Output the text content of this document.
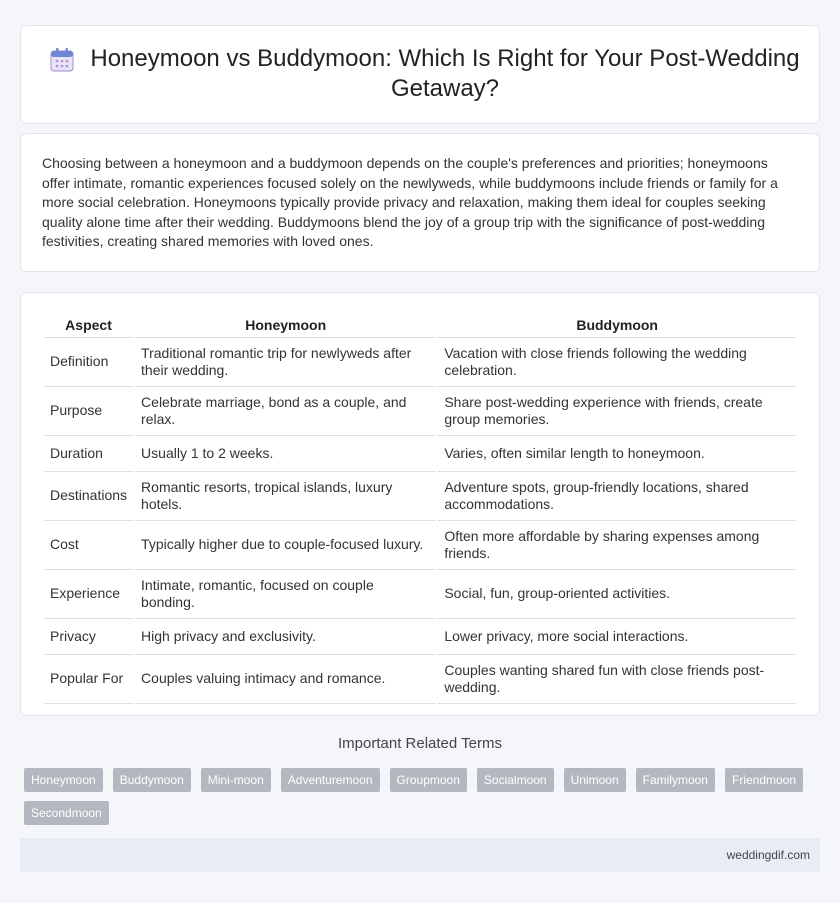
Honeymoon vs Buddymoon: Which Is Right for Your Post-Wedding Getaway?

Choosing between a honeymoon and a buddymoon depends on the couple's preferences and priorities; honeymoons offer intimate, romantic experiences focused solely on the newlyweds, while buddymoons include friends or family for a more social celebration. Honeymoons typically provide privacy and relaxation, making them ideal for couples seeking quality alone time after their wedding. Buddymoons blend the joy of a group trip with the significance of post-wedding festivities, creating shared memories with loved ones.

Aspect	Honeymoon	Buddymoon
Definition	Traditional romantic trip for newlyweds after their wedding.	Vacation with close friends following the wedding celebration.
Purpose	Celebrate marriage, bond as a couple, and relax.	Share post-wedding experience with friends, create group memories.
Duration	Usually 1 to 2 weeks.	Varies, often similar length to honeymoon.
Destinations	Romantic resorts, tropical islands, luxury hotels.	Adventure spots, group-friendly locations, shared accommodations.
Cost	Typically higher due to couple-focused luxury.	Often more affordable by sharing expenses among friends.
Experience	Intimate, romantic, focused on couple bonding.	Social, fun, group-oriented activities.
Privacy	High privacy and exclusivity.	Lower privacy, more social interactions.
Popular For	Couples valuing intimacy and romance.	Couples wanting shared fun with close friends post-wedding.
Important Related Terms
Honeymoon	Buddymoon	Mini-moon	Adventuremoon	Groupmoon	Socialmoon	Unimoon	Familymoon	Friendmoon
Secondmoon
weddingdif.com
